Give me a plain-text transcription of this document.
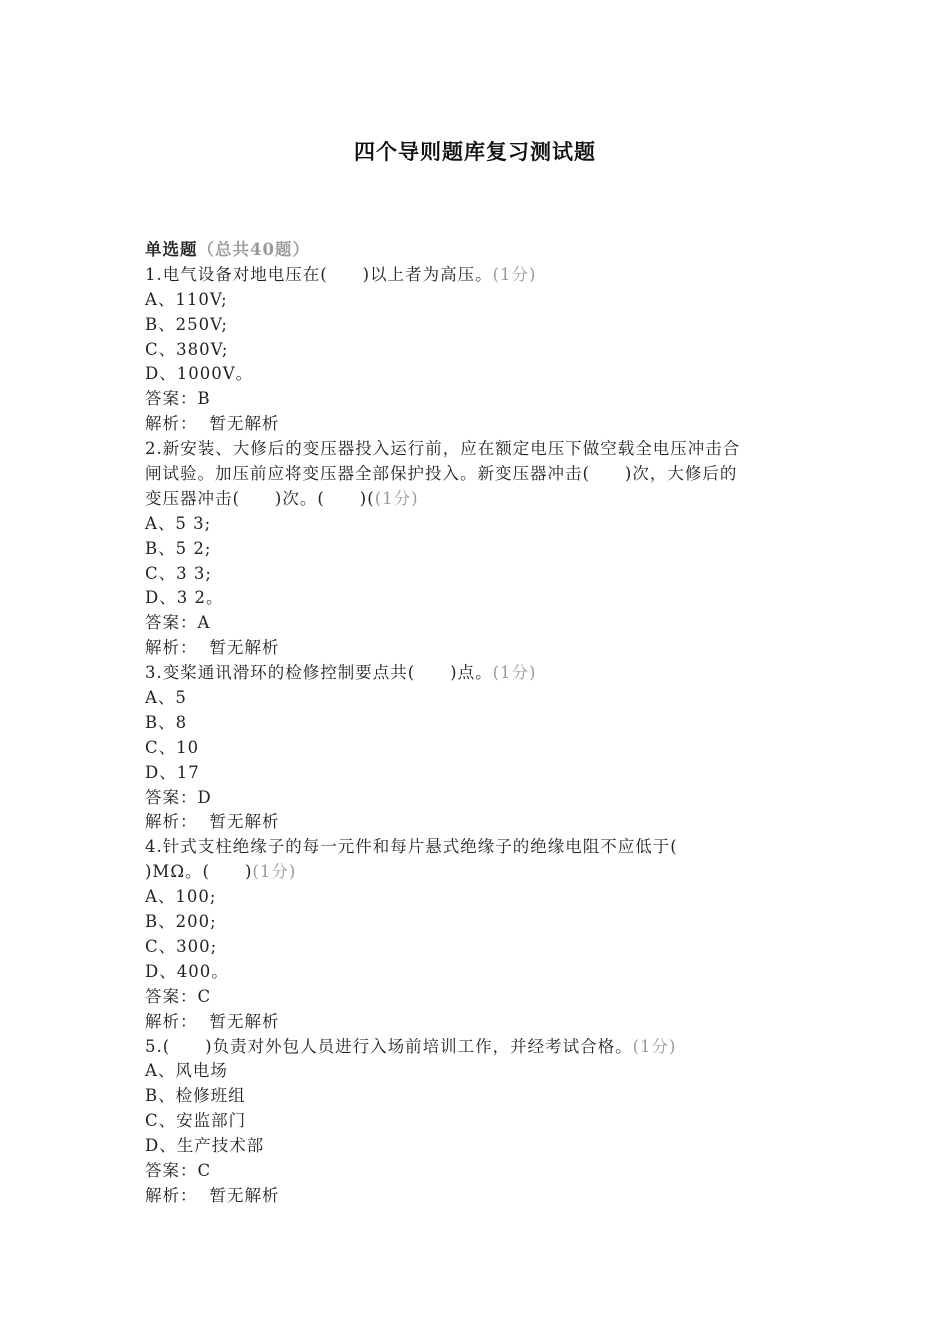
四个导则题库复习测试题
单选题（总共40题）
1.电气设备对地电压在(　　)以上者为高压。(1分)
A、110V;
B、250V;
C、380V;
D、1000V。
答案：B
解析： 暂无解析
2.新安装、大修后的变压器投入运行前，应在额定电压下做空载全电压冲击合
闸试验。加压前应将变压器全部保护投入。新变压器冲击(　　)次，大修后的
变压器冲击(　　)次。(　　)((1分)
A、5 3;
B、5 2;
C、3 3;
D、3 2。
答案：A
解析： 暂无解析
3.变桨通讯滑环的检修控制要点共(　　)点。(1分)
A、5
B、8
C、10
D、17
答案：D
解析： 暂无解析
4.针式支柱绝缘子的每一元件和每片悬式绝缘子的绝缘电阻不应低于(
)MΩ。(　　)(1分)
A、100;
B、200;
C、300;
D、400。
答案：C
解析： 暂无解析
5.(　　)负责对外包人员进行入场前培训工作，并经考试合格。(1分)
A、风电场
B、检修班组
C、安监部门
D、生产技术部
答案：C
解析： 暂无解析
